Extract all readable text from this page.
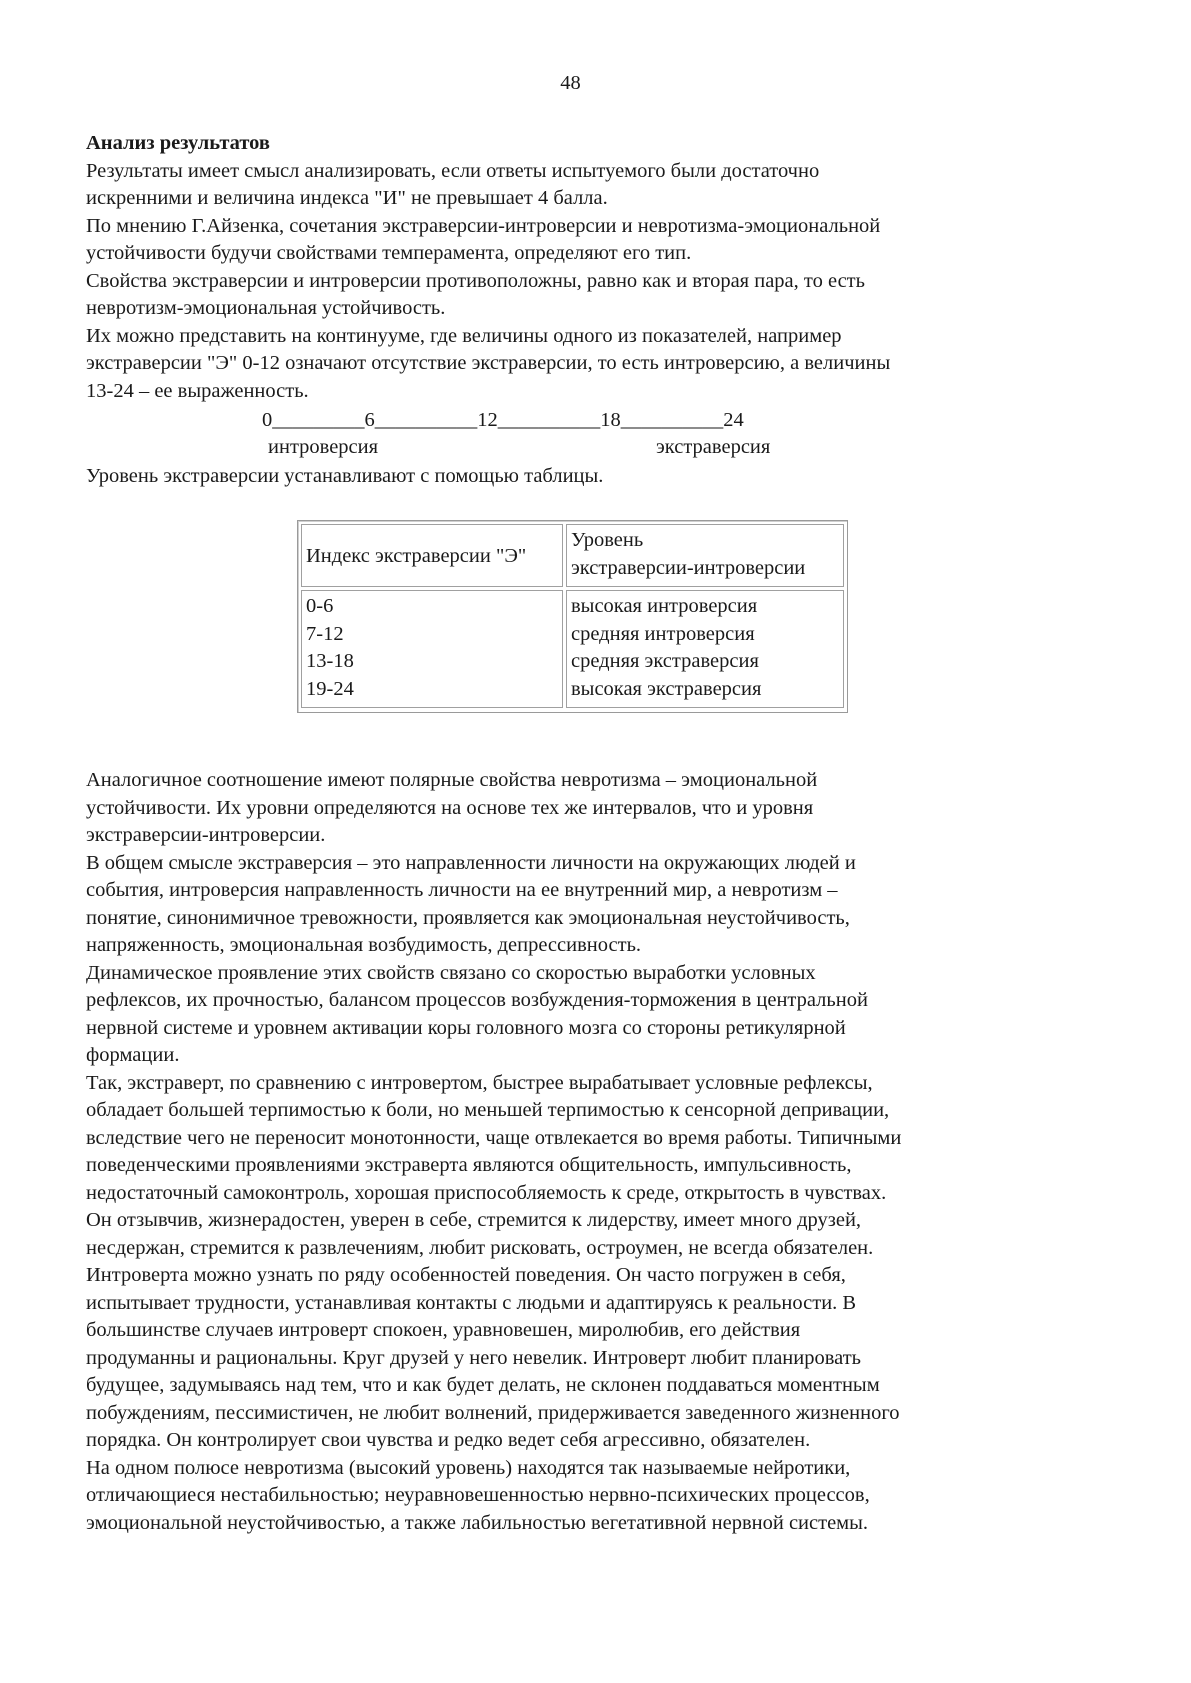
48
Анализ результатов
Результаты имеет смысл анализировать, если ответы испытуемого были достаточно
искренними и величина индекса "И" не превышает 4 балла.
По мнению Г.Айзенка, сочетания экстраверсии-интроверсии и невротизма-эмоциональной
устойчивости будучи свойствами темперамента, определяют его тип.
Свойства экстраверсии и интроверсии противоположны, равно как и вторая пара, то есть
невротизм-эмоциональная устойчивость.
Их можно представить на континууме, где величины одного из показателей, например
экстраверсии "Э" 0-12 означают отсутствие экстраверсии, то есть интроверсию, а величины
13-24 – ее выраженность.
0_________6__________12__________18__________24
интроверсия	экстраверсия
Уровень экстраверсии устанавливают с помощью таблицы.
Индекс экстраверсии "Э"
Уровень
экстраверсии-интроверсии
0-6
7-12
13-18
19-24
высокая интроверсия
средняя интроверсия
средняя экстраверсия
высокая экстраверсия
Аналогичное соотношение имеют полярные свойства невротизма – эмоциональной
устойчивости. Их уровни определяются на основе тех же интервалов, что и уровня
экстраверсии-интроверсии.
В общем смысле экстраверсия – это направленности личности на окружающих людей и
события, интроверсия направленность личности на ее внутренний мир, а невротизм –
понятие, синонимичное тревожности, проявляется как эмоциональная неустойчивость,
напряженность, эмоциональная возбудимость, депрессивность.
Динамическое проявление этих свойств связано со скоростью выработки условных
рефлексов, их прочностью, балансом процессов возбуждения-торможения в центральной
нервной системе и уровнем активации коры головного мозга со стороны ретикулярной
формации.
Так, экстраверт, по сравнению с интровертом, быстрее вырабатывает условные рефлексы,
обладает большей терпимостью к боли, но меньшей терпимостью к сенсорной депривации,
вследствие чего не переносит монотонности, чаще отвлекается во время работы. Типичными
поведенческими проявлениями экстраверта являются общительность, импульсивность,
недостаточный самоконтроль, хорошая приспособляемость к среде, открытость в чувствах.
Он отзывчив, жизнерадостен, уверен в себе, стремится к лидерству, имеет много друзей,
несдержан, стремится к развлечениям, любит рисковать, остроумен, не всегда обязателен.
Интроверта можно узнать по ряду особенностей поведения. Он часто погружен в себя,
испытывает трудности, устанавливая контакты с людьми и адаптируясь к реальности. В
большинстве случаев интроверт спокоен, уравновешен, миролюбив, его действия
продуманны и рациональны. Круг друзей у него невелик. Интроверт любит планировать
будущее, задумываясь над тем, что и как будет делать, не склонен поддаваться моментным
побуждениям, пессимистичен, не любит волнений, придерживается заведенного жизненного
порядка. Он контролирует свои чувства и редко ведет себя агрессивно, обязателен.
На одном полюсе невротизма (высокий уровень) находятся так называемые нейротики,
отличающиеся нестабильностью; неуравновешенностью нервно-психических процессов,
эмоциональной неустойчивостью, а также лабильностью вегетативной нервной системы.
